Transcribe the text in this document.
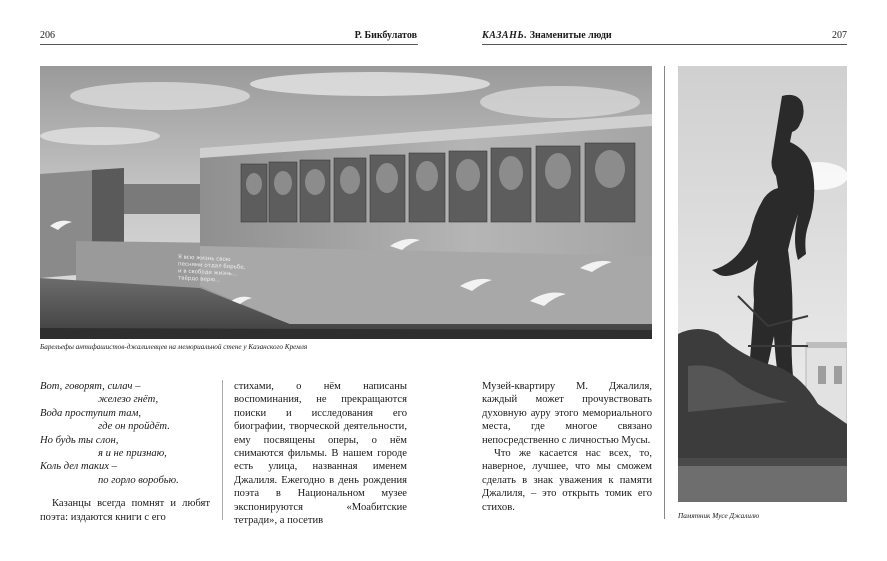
206	Р. Бикбулатов	КАЗАНЬ. Знаменитые люди	207
Я всю жизнь свою
песнями отдал борьбе,
и в свободе жизнь...
твёрдо верю...
Барельефы антифашистов-джалилевцев на мемориальной стене у Казанского Кремля
Памятник Мусе Джалилю
Вот, говорят, силач –
железо гнёт,
Вода проступит там,
где он пройдёт.
Но будь ты слон,
я и не признаю,
Коль дел таких –
по горло воробью.

Казанцы всегда помнят и любят поэта: издаются книги с его

стихами, о нём написаны воспоминания, не прекращаются поиски и исследования его биографии, творческой деятельности, ему посвящены оперы, о нём снимаются фильмы. В нашем городе есть улица, названная именем Джалиля. Ежегодно в день рождения поэта в Национальном музее экспонируются «Моабитские тетради», а посетив

Музей-квартиру М. Джалиля, каждый может прочувствовать духовную ауру этого мемориального места, где многое связано непосредственно с личностью Мусы.

Что же касается нас всех, то, наверное, лучшее, что мы сможем сделать в знак уважения к памяти Джалиля, – это открыть томик его стихов.
